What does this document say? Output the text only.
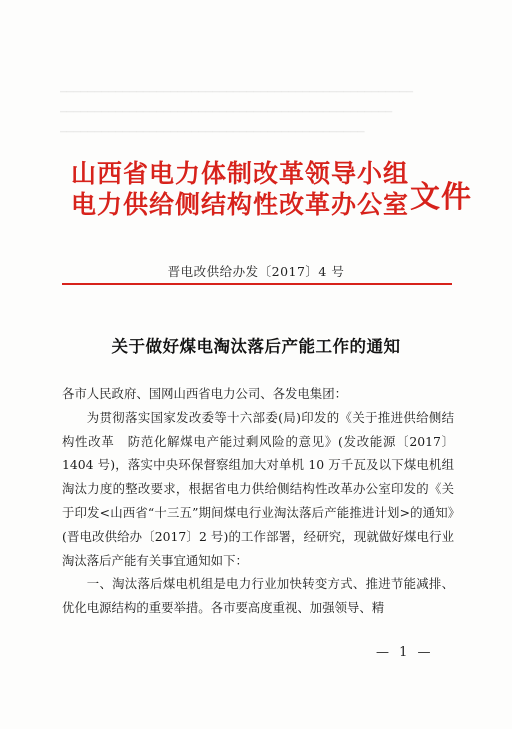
▁▁▁▁▁▁▁▁▁▁▁▁▁▁▁▁▁▁▁▁▁▁▁▁▁▁▁▁▁▁▁▁▁▁▁▁▁▁▁▁▁▁▁▁▁▁▁▁▁▁▁
▁▁▁▁▁▁▁▁▁▁▁▁▁▁▁▁▁▁▁▁▁▁▁▁▁▁▁▁▁▁▁▁▁▁▁▁▁▁▁▁▁▁▁▁▁▁▁▁
▁▁▁▁▁▁▁▁▁▁▁▁▁▁▁▁▁▁▁▁▁▁▁▁▁▁▁▁▁▁▁▁▁▁▁▁▁▁▁▁▁▁▁▁
山西省电力体制改革领导小组
电力供给侧结构性改革办公室 文件
晋电改供给办发〔2017〕4 号
关于做好煤电淘汰落后产能工作的通知

各市人民政府、国网山西省电力公司、各发电集团：

为贯彻落实国家发改委等十六部委(局)印发的《关于推进供给侧结构性改革　防范化解煤电产能过剩风险的意见》(发改能源〔2017〕1404 号)，落实中央环保督察组加大对单机 10 万千瓦及以下煤电机组淘汰力度的整改要求，根据省电力供给侧结构性改革办公室印发的《关于印发<山西省“十三五”期间煤电行业淘汰落后产能推进计划>的通知》(晋电改供给办〔2017〕2 号)的工作部署，经研究，现就做好煤电行业淘汰落后产能有关事宜通知如下：

一、淘汰落后煤电机组是电力行业加快转变方式、推进节能减排、优化电源结构的重要举措。各市要高度重视、加强领导、精

— 1 —
